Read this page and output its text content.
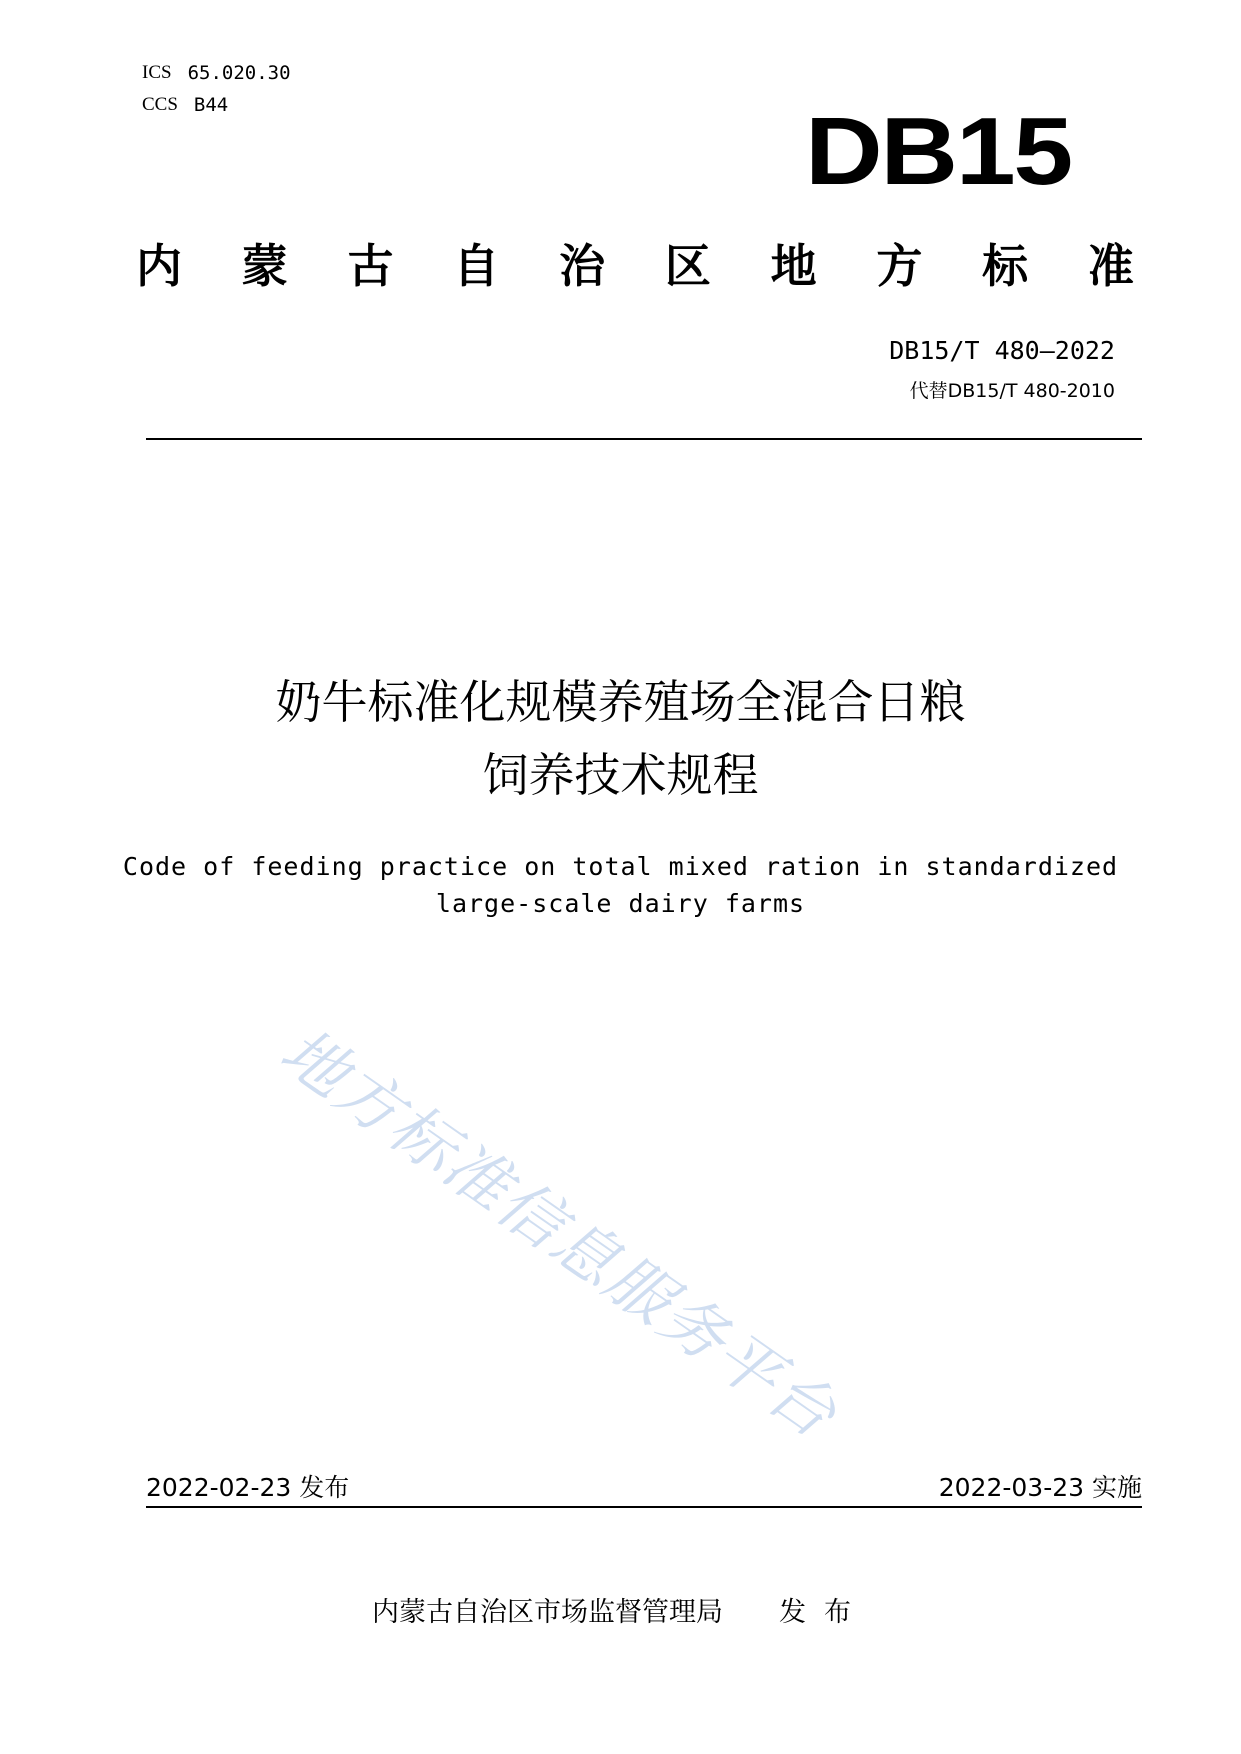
ICS 65.020.30
CCS B44	DB15
内 蒙 古 自 治 区 地 方 标 准
DB15/T 480—2022
代替DB15/T 480-2010
奶牛标准化规模养殖场全混合日粮
饲养技术规程
Code of feeding practice on total mixed ration in standardized
large-scale dairy farms
地方标准信息服务平台
2022-02-23 发布	2022-03-23 实施
内蒙古自治区市场监督管理局 发布
